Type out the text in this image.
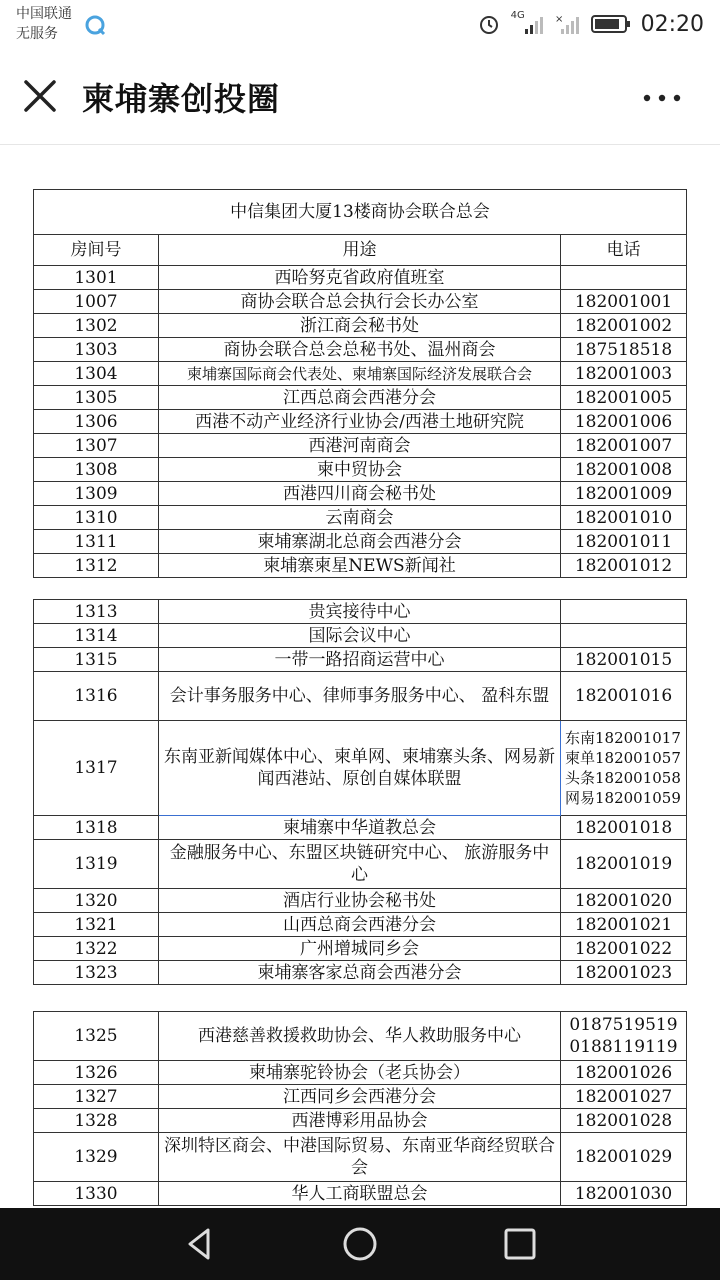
中国联通
无服务
4G	×	02:20
柬埔寨创投圈
中信集团大厦13楼商协会联合总会		
房间号	用途	电话
1301	西哈努克省政府值班室	
1007	商协会联合总会执行会长办公室	182001001
1302	浙江商会秘书处	182001002
1303	商协会联合总会总秘书处、温州商会	187518518
1304	柬埔寨国际商会代表处、柬埔寨国际经济发展联合会	182001003
1305	江西总商会西港分会	182001005
1306	西港不动产业经济行业协会/西港土地研究院	182001006
1307	西港河南商会	182001007
1308	柬中贸协会	182001008
1309	西港四川商会秘书处	182001009
1310	云南商会	182001010
1311	柬埔寨湖北总商会西港分会	182001011
1312	柬埔寨柬星NEWS新闻社	182001012
1313	贵宾接待中心	
1314	国际会议中心	
1315	一带一路招商运营中心	182001015
1316	会计事务服务中心、律师事务服务中心、 盈科东盟	182001016
1317	东南亚新闻媒体中心、柬单网、柬埔寨头条、网易新闻西港站、原创自媒体联盟	东南182001017
柬单182001057
头条182001058
网易182001059

1318	柬埔寨中华道教总会	182001018
1319	金融服务中心、东盟区块链研究中心、 旅游服务中心	182001019
1320	酒店行业协会秘书处	182001020
1321	山西总商会西港分会	182001021
1322	广州增城同乡会	182001022
1323	柬埔寨客家总商会西港分会	182001023
1325	西港慈善救援救助协会、华人救助服务中心	0187519519
0188119119

1326	柬埔寨驼铃协会（老兵协会）	182001026
1327	江西同乡会西港分会	182001027
1328	西港博彩用品协会	182001028
1329	深圳特区商会、中港国际贸易、东南亚华商经贸联合会	182001029
1330	华人工商联盟总会	182001030
